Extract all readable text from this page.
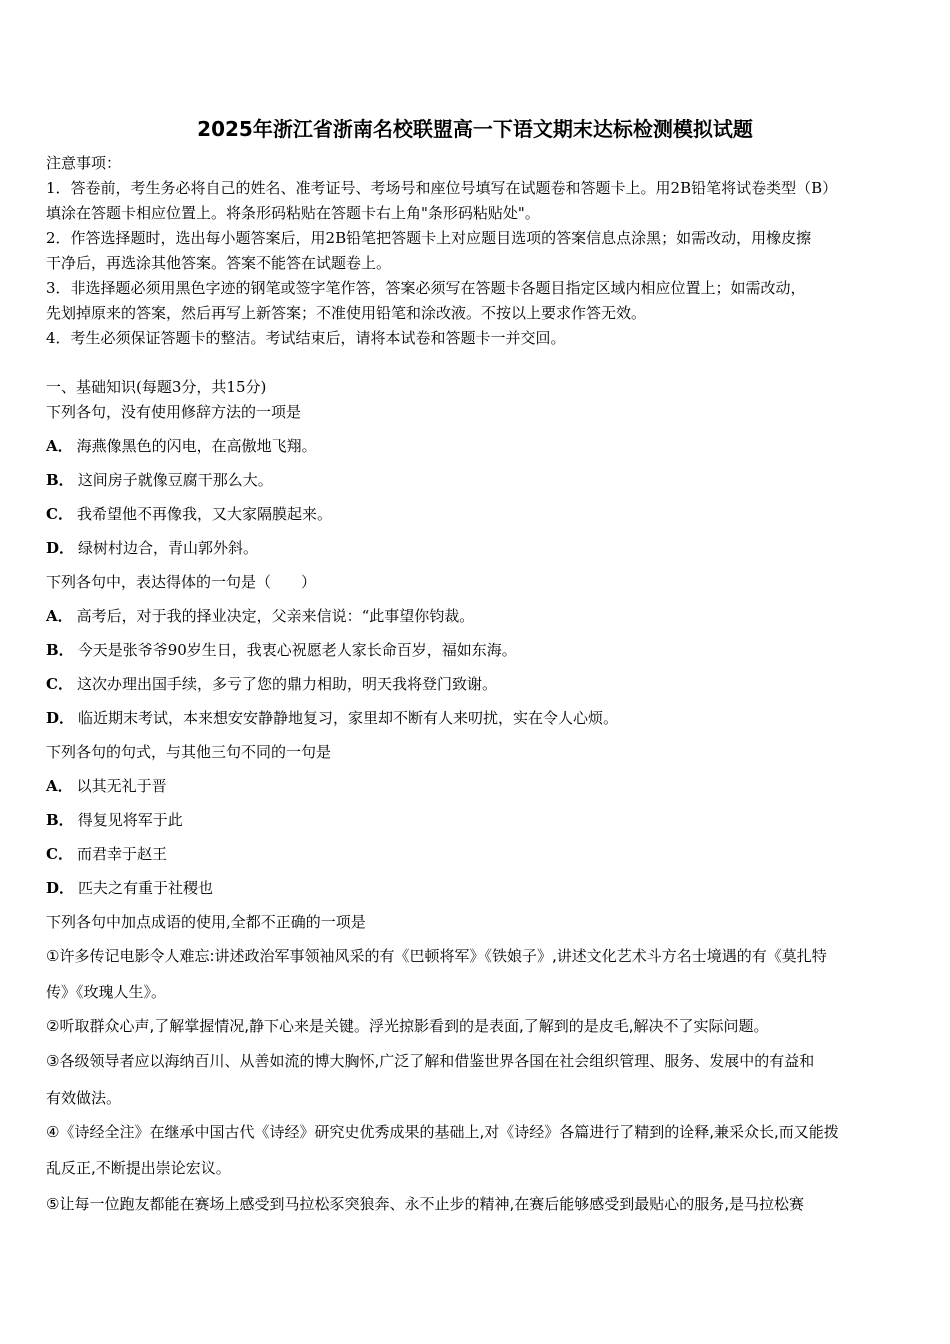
2025年浙江省浙南名校联盟高一下语文期末达标检测模拟试题
注意事项：
1．答卷前，考生务必将自己的姓名、准考证号、考场号和座位号填写在试题卷和答题卡上。用2B铅笔将试卷类型（B）
填涂在答题卡相应位置上。将条形码粘贴在答题卡右上角"条形码粘贴处"。
2．作答选择题时，选出每小题答案后，用2B铅笔把答题卡上对应题目选项的答案信息点涂黑；如需改动，用橡皮擦
干净后，再选涂其他答案。答案不能答在试题卷上。
3．非选择题必须用黑色字迹的钢笔或签字笔作答，答案必须写在答题卡各题目指定区域内相应位置上；如需改动，
先划掉原来的答案，然后再写上新答案；不准使用铅笔和涂改液。不按以上要求作答无效。
4．考生必须保证答题卡的整洁。考试结束后，请将本试卷和答题卡一并交回。
一、基础知识(每题3分，共15分)
下列各句，没有使用修辞方法的一项是
A． 海燕像黑色的闪电，在高傲地飞翔。
B． 这间房子就像豆腐干那么大。
C． 我希望他不再像我，又大家隔膜起来。
D． 绿树村边合，青山郭外斜。
下列各句中，表达得体的一句是（　　）
A． 高考后，对于我的择业决定，父亲来信说：“此事望你钧裁。
B． 今天是张爷爷90岁生日，我衷心祝愿老人家长命百岁，福如东海。
C． 这次办理出国手续，多亏了您的鼎力相助，明天我将登门致谢。
D． 临近期末考试，本来想安安静静地复习，家里却不断有人来叨扰，实在令人心烦。
下列各句的句式，与其他三句不同的一句是
A． 以其无礼于晋
B． 得复见将军于此
C． 而君幸于赵王
D． 匹夫之有重于社稷也
下列各句中加点成语的使用,全都不正确的一项是
①许多传记电影令人难忘:讲述政治军事领袖风采的有《巴顿将军》《铁娘子》,讲述文化艺术斗方名士境遇的有《莫扎特
传》《玫瑰人生》。
②听取群众心声,了解掌握情况,静下心来是关键。浮光掠影看到的是表面,了解到的是皮毛,解决不了实际问题。
③各级领导者应以海纳百川、从善如流的博大胸怀,广泛了解和借鉴世界各国在社会组织管理、服务、发展中的有益和
有效做法。
④《诗经全注》在继承中国古代《诗经》研究史优秀成果的基础上,对《诗经》各篇进行了精到的诠释,兼采众长,而又能拨
乱反正,不断提出崇论宏议。
⑤让每一位跑友都能在赛场上感受到马拉松豕突狼奔、永不止步的精神,在赛后能够感受到最贴心的服务,是马拉松赛
